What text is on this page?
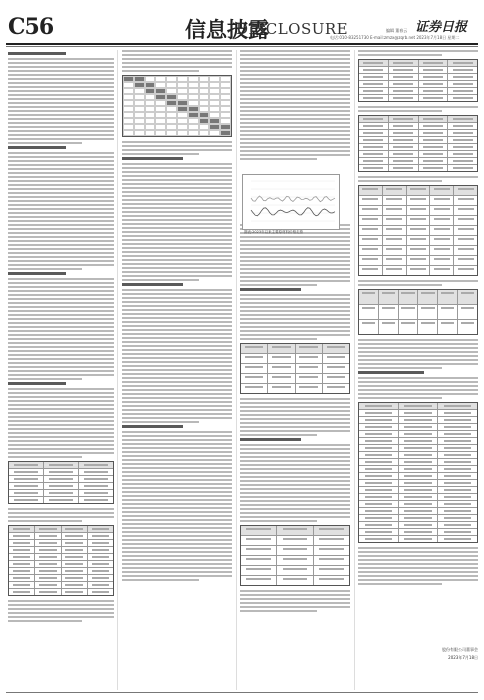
C56	信息披露
DISCLOSURE	证券日报
编辑 董春云
电话:010-83251730 E-mail:zmzx@zqrb.net 2023年7月18日 星期二
图表:2023年以来主要原材料价格走势
股份有限公司董事会
2023年7月18日
